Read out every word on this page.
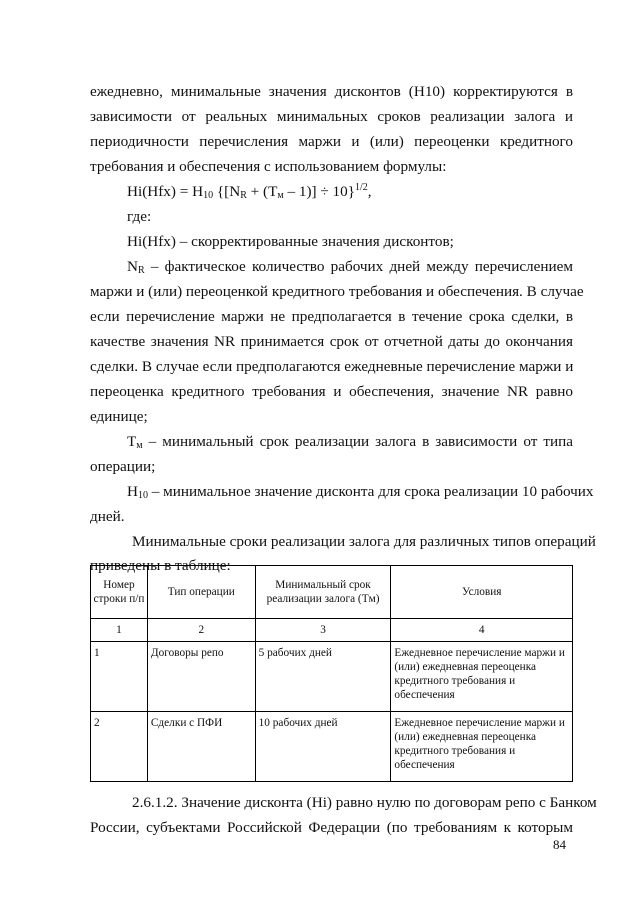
ежедневно, минимальные значения дисконтов (Н10) корректируются в
зависимости от реальных минимальных сроков реализации залога и
периодичности перечисления маржи и (или) переоценки кредитного
требования и обеспечения с использованием формулы:
$Hi(Hfx) = H_{10}$ $\{[N_R + (T_м - 1)] \div 10\}^{1/2}$,
где:
Hi(Hfx) – скорректированные значения дисконтов;
$N_R$ – фактическое количество рабочих дней между перечислением
маржи и (или) переоценкой кредитного требования и обеспечения. В случае
если перечисление маржи не предполагается в течение срока сделки, в
качестве значения NR принимается срок от отчетной даты до окончания
сделки. В случае если предполагаются ежедневные перечисление маржи и
переоценка кредитного требования и обеспечения, значение NR равно
единице;
$T_м$ – минимальный срок реализации залога в зависимости от типа
операции;
$H_{10}$ – минимальное значение дисконта для срока реализации 10 рабочих
дней.
Минимальные сроки реализации залога для различных типов операций
приведены в таблице:
Номер строки п/п	Тип операции	Минимальный срок реализации залога (Tм)	Условия
1	2	3	4
1	Договоры репо	5 рабочих дней	Ежедневное перечисление маржи и (или) ежедневная переоценка кредитного требования и обеспечения
2	Сделки с ПФИ	10 рабочих дней	Ежедневное перечисление маржи и (или) ежедневная переоценка кредитного требования и обеспечения
2.6.1.2. Значение дисконта (Hi) равно нулю по договорам репо с Банком
России, субъектами Российской Федерации (по требованиям к которым
84
